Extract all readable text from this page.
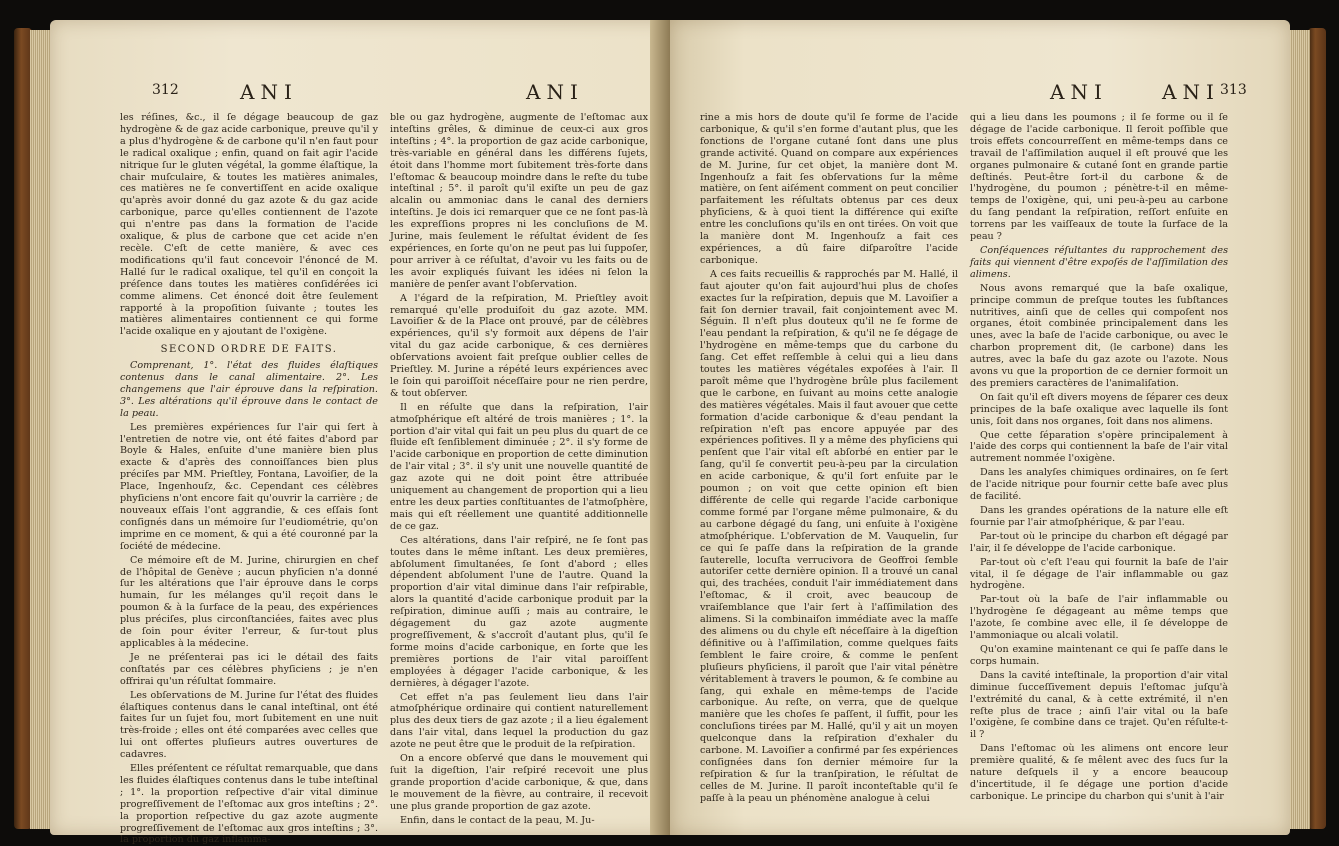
312	ANI	ANI

les réſines, &c., il ſe dégage beaucoup de gaz hydrogène & de gaz acide carbonique, preuve qu'il y a plus d'hydrogène & de carbone qu'il n'en faut pour le radical oxalique ; enfin, quand on fait agir l'acide nitrique ſur le gluten végétal, la gomme élaſtique, la chair muſculaire, & toutes les matières animales, ces matières ne ſe convertiſſent en acide oxalique qu'après avoir donné du gaz azote & du gaz acide carbonique, parce qu'elles contiennent de l'azote qui n'entre pas dans la formation de l'acide oxalique, & plus de carbone que cet acide n'en recèle. C'eſt de cette manière, & avec ces modifications qu'il faut concevoir l'énoncé de M. Hallé ſur le radical oxalique, tel qu'il en conçoit la préſence dans toutes les matières conſidérées ici comme alimens. Cet énoncé doit être ſeulement rapporté à la propoſition ſuivante ; toutes les matières alimentaires contiennent ce qui forme l'acide oxalique en y ajoutant de l'oxigène.

SECOND ORDRE DE FAITS.

Comprenant, 1°. l'état des fluides élaſtiques contenus dans le canal alimentaire. 2°. Les changemens que l'air éprouve dans la reſpiration. 3°. Les altérations qu'il éprouve dans le contact de la peau.

Les premières expériences ſur l'air qui ſert à l'entretien de notre vie, ont été faites d'abord par Boyle & Hales, enſuite d'une manière bien plus exacte & d'après des connoiſſances bien plus préciſes par MM. Prieſtley, Fontana, Lavoiſier, de la Place, Ingenhouſz, &c. Cependant ces célèbres phyſiciens n'ont encore fait qu'ouvrir la carrière ; de nouveaux eſſais l'ont aggrandie, & ces eſſais ſont conſignés dans un mémoire ſur l'eudiométrie, qu'on imprime en ce moment, & qui a été couronné par la ſociété de médecine.

Ce mémoire eſt de M. Jurine, chirurgien en chef de l'hôpital de Genève ; aucun phyſicien n'a donné ſur les altérations que l'air éprouve dans le corps humain, ſur les mélanges qu'il reçoit dans le poumon & à la ſurface de la peau, des expériences plus préciſes, plus circonſtanciées, faites avec plus de ſoin pour éviter l'erreur, & ſur-tout plus applicables à la médecine.

Je ne préſenterai pas ici le détail des faits conſtatés par ces célèbres phyſiciens ; je n'en offrirai qu'un réſultat ſommaire.

Les obſervations de M. Jurine ſur l'état des fluides élaſtiques contenus dans le canal inteſtinal, ont été faites ſur un ſujet fou, mort ſubitement en une nuit très-froide ; elles ont été comparées avec celles que lui ont offertes pluſieurs autres ouvertures de cadavres.

Elles préſentent ce réſultat remarquable, que dans les fluides élaſtiques contenus dans le tube inteſtinal ; 1°. la proportion reſpective d'air vital diminue progreſſivement de l'eſtomac aux gros inteſtins ; 2°. la proportion reſpective du gaz azote augmente progreſſivement de l'eſtomac aux gros inteſtins ; 3°. la proportion du gaz inflamma-

ble ou gaz hydrogène, augmente de l'eſtomac aux inteſtins grêles, & diminue de ceux-ci aux gros inteſtins ; 4°. la proportion de gaz acide carbonique, très-variable en général dans les différens ſujets, étoit dans l'homme mort ſubitement très-forte dans l'eſtomac & beaucoup moindre dans le reſte du tube inteſtinal ; 5°. il paroît qu'il exiſte un peu de gaz alcalin ou ammoniac dans le canal des derniers inteſtins. Je dois ici remarquer que ce ne ſont pas-là les expreſſions propres ni les concluſions de M. Jurine, mais ſeulement le réſultat évident de ſes expériences, en ſorte qu'on ne peut pas lui ſuppoſer, pour arriver à ce réſultat, d'avoir vu les faits ou de les avoir expliqués ſuivant les idées ni ſelon la manière de penſer avant l'obſervation.

A l'égard de la reſpiration, M. Prieſtley avoit remarqué qu'elle produiſoit du gaz azote. MM. Lavoiſier & de la Place ont prouvé, par de célèbres expériences, qu'il s'y formoit aux dépens de l'air vital du gaz acide carbonique, & ces dernières obſervations avoient fait preſque oublier celles de Prieſtley. M. Jurine a répété leurs expériences avec le ſoin qui paroiſſoit néceſſaire pour ne rien perdre, & tout obſerver.

Il en réſulte que dans la reſpiration, l'air atmoſphérique eſt altéré de trois manières ; 1°. la portion d'air vital qui fait un peu plus du quart de ce fluide eſt ſenſiblement diminuée ; 2°. il s'y forme de l'acide carbonique en proportion de cette diminution de l'air vital ; 3°. il s'y unit une nouvelle quantité de gaz azote qui ne doit point être attribuée uniquement au changement de proportion qui a lieu entre les deux parties conſtituantes de l'atmoſphère, mais qui eſt réellement une quantité additionnelle de ce gaz.

Ces altérations, dans l'air reſpiré, ne ſe ſont pas toutes dans le même inſtant. Les deux premières, abſolument ſimultanées, ſe ſont d'abord ; elles dépendent abſolument l'une de l'autre. Quand la proportion d'air vital diminue dans l'air reſpirable, alors la quantité d'acide carbonique produit par la reſpiration, diminue auſſi ; mais au contraire, le dégagement du gaz azote augmente progreſſivement, & s'accroît d'autant plus, qu'il ſe forme moins d'acide carbonique, en ſorte que les premières portions de l'air vital paroiſſent employées à dégager l'acide carbonique, & les dernières, à dégager l'azote.

Cet effet n'a pas ſeulement lieu dans l'air atmoſphérique ordinaire qui contient naturellement plus des deux tiers de gaz azote ; il a lieu également dans l'air vital, dans lequel la production du gaz azote ne peut être que le produit de la reſpiration.

On a encore obſervé que dans le mouvement qui ſuit la digeſtion, l'air reſpiré recevoit une plus grande proportion d'acide carbonique, & que, dans le mouvement de la fièvre, au contraire, il recevoit une plus grande proportion de gaz azote.

Enfin, dans le contact de la peau, M. Ju-

ANI	ANI 313

rine a mis hors de doute qu'il ſe forme de l'acide carbonique, & qu'il s'en forme d'autant plus, que les fonctions de l'organe cutané ſont dans une plus grande activité. Quand on compare aux expériences de M. Jurine, ſur cet objet, la manière dont M. Ingenhouſz a fait ſes obſervations ſur la même matière, on ſent aiſément comment on peut concilier parfaitement les réſultats obtenus par ces deux phyſiciens, & à quoi tient la différence qui exiſte entre les concluſions qu'ils en ont tirées. On voit que la manière dont M. Ingenhouſz a fait ces expériences, a dû faire diſparoître l'acide carbonique.

A ces faits recueillis & rapprochés par M. Hallé, il faut ajouter qu'on fait aujourd'hui plus de choſes exactes ſur la reſpiration, depuis que M. Lavoiſier a fait ſon dernier travail, fait conjointement avec M. Séguin. Il n'eſt plus douteux qu'il ne ſe forme de l'eau pendant la reſpiration, & qu'il ne ſe dégage de l'hydrogène en même-temps que du carbone du ſang. Cet effet reſſemble à celui qui a lieu dans toutes les matières végétales expoſées à l'air. Il paroît même que l'hydrogène brûle plus facilement que le carbone, en ſuivant au moins cette analogie des matières végétales. Mais il faut avouer que cette formation d'acide carbonique & d'eau pendant la reſpiration n'eſt pas encore appuyée par des expériences poſitives. Il y a même des phyſiciens qui penſent que l'air vital eſt abſorbé en entier par le ſang, qu'il ſe convertit peu-à-peu par la circulation en acide carbonique, & qu'il ſort enſuite par le poumon ; on voit que cette opinion eſt bien différente de celle qui regarde l'acide carbonique comme formé par l'organe même pulmonaire, & du au carbone dégagé du ſang, uni enſuite à l'oxigène atmoſphérique. L'obſervation de M. Vauquelin, ſur ce qui ſe paſſe dans la reſpiration de la grande ſauterelle, locuſta verrucivora de Geoffroi ſemble autoriſer cette dernière opinion. Il a trouvé un canal qui, des trachées, conduit l'air immédiatement dans l'eſtomac, & il croit, avec beaucoup de vraiſemblance que l'air ſert à l'aſſimilation des alimens. Si la combinaiſon immédiate avec la maſſe des alimens ou du chyle eſt néceſſaire à la digeſtion définitive ou à l'aſſimilation, comme quelques faits ſemblent le faire croire, & comme le penſent pluſieurs phyſiciens, il paroît que l'air vital pénètre véritablement à travers le poumon, & ſe combine au ſang, qui exhale en même-temps de l'acide carbonique. Au reſte, on verra, que de quelque manière que les choſes ſe paſſent, il ſuffit, pour les concluſions tirées par M. Hallé, qu'il y ait un moyen quelconque dans la reſpiration d'exhaler du carbone. M. Lavoiſier a confirmé par ſes expériences conſignées dans ſon dernier mémoire ſur la reſpiration & ſur la tranſpiration, le réſultat de celles de M. Jurine. Il paroît inconteſtable qu'il ſe paſſe à la peau un phénomène analogue à celui

qui a lieu dans les poumons ; il ſe forme ou il ſe dégage de l'acide carbonique. Il ſeroit poſſible que trois effets concourreſſent en même-temps dans ce travail de l'aſſimilation auquel il eſt prouvé que les organes pulmonaire & cutané ſont en grande partie deſtinés. Peut-être ſort-il du carbone & de l'hydrogène, du poumon ; pénètre-t-il en même-temps de l'oxigène, qui, uni peu-à-peu au carbone du ſang pendant la reſpiration, reſſort enſuite en torrens par les vaiſſeaux de toute la ſurface de la peau ?

Conſéquences réſultantes du rapprochement des faits qui viennent d'être expoſés de l'aſſimilation des alimens.

Nous avons remarqué que la baſe oxalique, principe commun de preſque toutes les ſubſtances nutritives, ainſi que de celles qui compoſent nos organes, étoit combinée principalement dans les unes, avec la baſe de l'acide carbonique, ou avec le charbon proprement dit, (le carbone) dans les autres, avec la baſe du gaz azote ou l'azote. Nous avons vu que la proportion de ce dernier formoit un des premiers caractères de l'animaliſation.

On ſait qu'il eſt divers moyens de ſéparer ces deux principes de la baſe oxalique avec laquelle ils ſont unis, ſoit dans nos organes, ſoit dans nos alimens.

Que cette ſéparation s'opère principalement à l'aide des corps qui contiennent la baſe de l'air vital autrement nommée l'oxigène.

Dans les analyſes chimiques ordinaires, on ſe ſert de l'acide nitrique pour fournir cette baſe avec plus de facilité.

Dans les grandes opérations de la nature elle eſt fournie par l'air atmoſphérique, & par l'eau.

Par-tout où le principe du charbon eſt dégagé par l'air, il ſe développe de l'acide carbonique.

Par-tout où c'eſt l'eau qui fournit la baſe de l'air vital, il ſe dégage de l'air inflammable ou gaz hydrogène.

Par-tout où la baſe de l'air inflammable ou l'hydrogène ſe dégageant au même temps que l'azote, ſe combine avec elle, il ſe développe de l'ammoniaque ou alcali volatil.

Qu'on examine maintenant ce qui ſe paſſe dans le corps humain.

Dans la cavité inteſtinale, la proportion d'air vital diminue ſucceſſivement depuis l'eſtomac juſqu'à l'extrémité du canal, & à cette extrémité, il n'en reſte plus de trace ; ainſi l'air vital ou la baſe l'oxigène, ſe combine dans ce trajet. Qu'en réſulte-t-il ?

Dans l'eſtomac où les alimens ont encore leur première qualité, & ſe mêlent avec des ſucs ſur la nature deſquels il y a encore beaucoup d'incertitude, il ſe dégage une portion d'acide carbonique. Le principe du charbon qui s'unit à l'air
